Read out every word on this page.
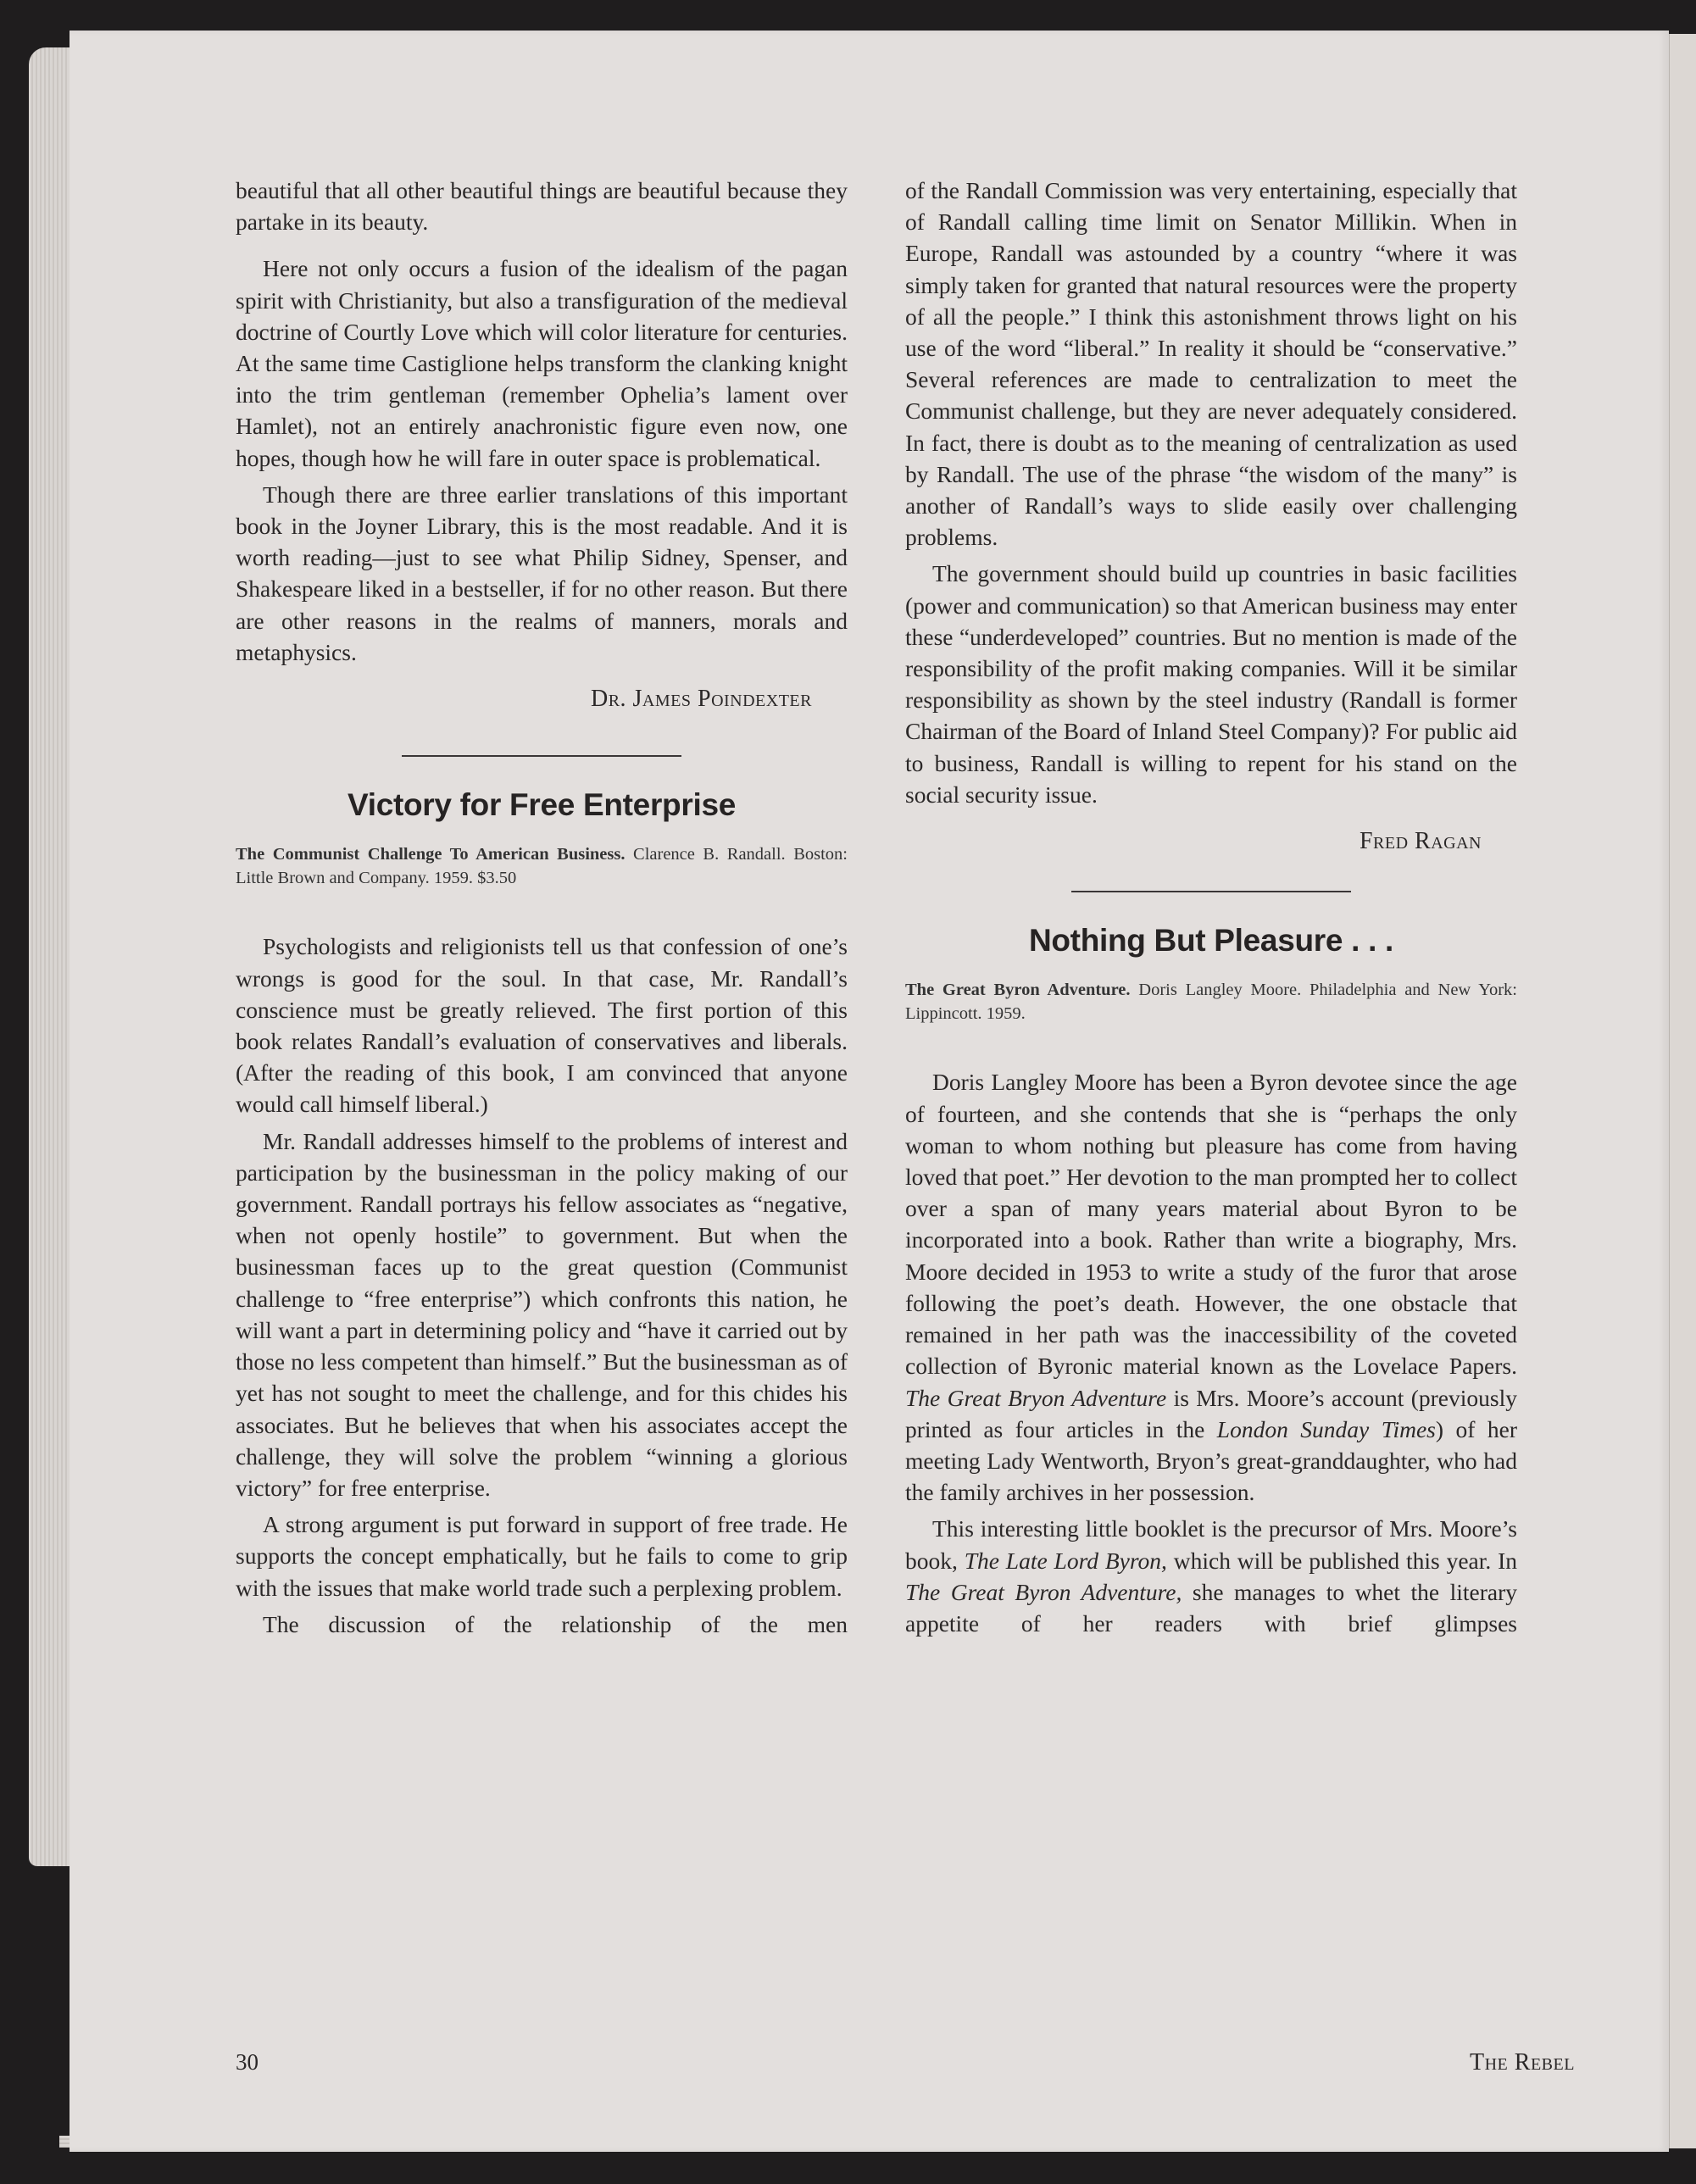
beautiful that all other beautiful things are beautiful because they partake in its beauty.

Here not only occurs a fusion of the idealism of the pagan spirit with Christianity, but also a transfiguration of the medieval doctrine of Courtly Love which will color literature for centuries. At the same time Castiglione helps transform the clanking knight into the trim gentleman (remember Ophelia’s lament over Hamlet), not an entirely anachronistic figure even now, one hopes, though how he will fare in outer space is problematical.

Though there are three earlier translations of this important book in the Joyner Library, this is the most readable. And it is worth reading—just to see what Philip Sidney, Spenser, and Shakespeare liked in a bestseller, if for no other reason. But there are other reasons in the realms of manners, morals and metaphysics.

Dr. James Poindexter
Victory for Free Enterprise
The Communist Challenge To American Business. Clarence B. Randall. Boston: Little Brown and Company. 1959. $3.50

Psychologists and religionists tell us that confession of one’s wrongs is good for the soul. In that case, Mr. Randall’s conscience must be greatly relieved. The first portion of this book relates Randall’s evaluation of conservatives and liberals. (After the reading of this book, I am convinced that anyone would call himself liberal.)

Mr. Randall addresses himself to the problems of interest and participation by the businessman in the policy making of our government. Randall portrays his fellow associates as “negative, when not openly hostile” to government. But when the businessman faces up to the great question (Communist challenge to “free enterprise”) which confronts this nation, he will want a part in determining policy and “have it carried out by those no less competent than himself.” But the businessman as of yet has not sought to meet the challenge, and for this chides his associates. But he believes that when his associates accept the challenge, they will solve the problem “winning a glorious victory” for free enterprise.

A strong argument is put forward in support of free trade. He supports the concept emphatically, but he fails to come to grip with the issues that make world trade such a perplexing problem.

The discussion of the relationship of the men

of the Randall Commission was very entertaining, especially that of Randall calling time limit on Senator Millikin. When in Europe, Randall was astounded by a country “where it was simply taken for granted that natural resources were the property of all the people.” I think this astonishment throws light on his use of the word “liberal.” In reality it should be “conservative.” Several references are made to centralization to meet the Communist challenge, but they are never adequately considered. In fact, there is doubt as to the meaning of centralization as used by Randall. The use of the phrase “the wisdom of the many” is another of Randall’s ways to slide easily over challenging problems.

The government should build up countries in basic facilities (power and communication) so that American business may enter these “underdeveloped” countries. But no mention is made of the responsibility of the profit making companies. Will it be similar responsibility as shown by the steel industry (Randall is former Chairman of the Board of Inland Steel Company)? For public aid to business, Randall is willing to repent for his stand on the social security issue.

Fred Ragan
Nothing But Pleasure . . .
The Great Byron Adventure. Doris Langley Moore. Philadelphia and New York: Lippincott. 1959.

Doris Langley Moore has been a Byron devotee since the age of fourteen, and she contends that she is “perhaps the only woman to whom nothing but pleasure has come from having loved that poet.” Her devotion to the man prompted her to collect over a span of many years material about Byron to be incorporated into a book. Rather than write a biography, Mrs. Moore decided in 1953 to write a study of the furor that arose following the poet’s death. However, the one obstacle that remained in her path was the inaccessibility of the coveted collection of Byronic material known as the Lovelace Papers. The Great Bryon Adventure is Mrs. Moore’s account (previously printed as four articles in the London Sunday Times) of her meeting Lady Wentworth, Bryon’s great-granddaughter, who had the family archives in her possession.

This interesting little booklet is the precursor of Mrs. Moore’s book, The Late Lord Byron, which will be published this year. In The Great Byron Adventure, she manages to whet the literary appetite of her readers with brief glimpses

30	The Rebel
